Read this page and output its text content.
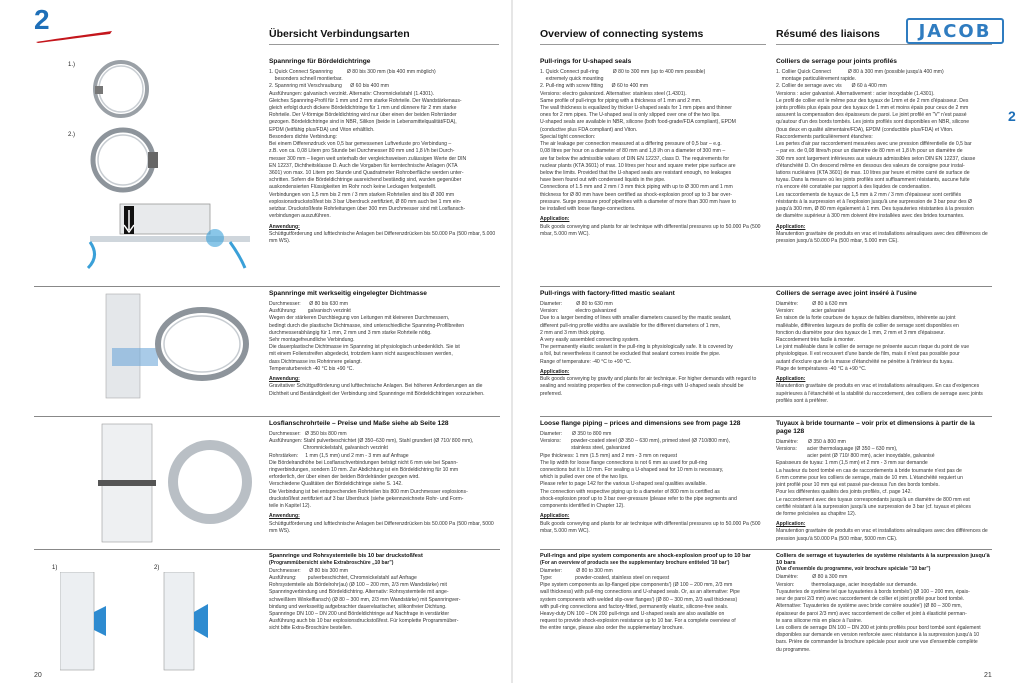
2	JACOB
2
Übersicht Verbindungsarten	Overview of connecting systems	Résumé des liaisons
1.)
2.)
1)	2)
Spannringe für Bördeldichtringe
1. Quick Connect Spannring          Ø 80 bis 300 mm (bis 400 mm möglich)
besonders schnell montierbar.
2. Spannring mit Verschraubung      Ø 60 bis 400 mm
Ausführungen: galvanisch verzinkt. Alternativ: Chromnickelstahl (1.4301).
Gleiches Spannring-Profil für 1 mm und 2 mm starke Rohrteile. Der Wandstärkenaus-
gleich erfolgt durch dickere Bördeldichtringe für 1 mm und dünnere für 2 mm starke
Rohrteile. Der V-förmige Bördeldichtring wird nur über einen der beiden Rohrränder
gezogen. Bördeldichtringe sind in NBR, Silikon (beide in Lebensmittelqualität/FDA),
EPDM (leitfähig plus/FDA) und Viton erhältlich.
Besonders dichte Verbindung:
Bei einem Differenzdruck von 0,5 bar gemessenen Luftverluste pro Verbindung –
z.B. von ca. 0,08 Litern pro Stunde bei Durchmesser 80 mm und 1,8 l/h bei Durch-
messer 300 mm – liegen weit unterhalb der vergleichsweisen zulässigen Werte der DIN
EN 12237, Dichtheitsklasse D. Auch die Vorgaben für kerntechnische Anlagen (KTA
3601) von max. 10 Litern pro Stunde und Quadratmeter Rohroberfläche werden unter-
schritten. Sofern die Bördeldichtringe ausreichend beständig sind, wurden gegenüber
auskondensierten Flüssigkeiten im Rohr noch keine Leckagen festgestellt.
Verbindungen von 1,5 mm bis 2 mm / 3 mm starken Rohrteilen sind bis Ø 300 mm
explosionsdruckstoßfest bis 3 bar Überdruck zertifiziert, Ø 80 mm auch bei 1 mm ein-
setzbar. Druckstoßfeste Rohrleitungen über 300 mm Durchmesser sind mit Losflansch-
verbindungen auszuführen.
Anwendung:
Schüttgutförderung und lufttechnische Anlagen bei Differenzdrücken bis 50.000 Pa (500 mbar, 5.000 mm WS).
Pull-rings for U-shaped seals
1. Quick Connect pull-ring          Ø 80 to 300 mm (up to 400 mm possible)
extremely quick mounting
2. Pull-ring with screw fitting      Ø 60 to 400 mm
Versions: electro galvanized. Alternative: stainless steel (1.4301).
Same profile of pull-rings for piping with a thickness of 1 mm and 2 mm.
The wall thickness is equalized by thicker U-shaped seals for 1 mm pipes and thinner
ones for 2 mm pipes. The U-shaped seal is only slipped over one of the two lips.
U-shaped seals are available in NBR, silicone (both food-grade/FDA compliant), EPDM
(conductive plus FDA compliant) and Viton.
Special tight connection:
The air leakage per connection measured at a differing pressure of 0,5 bar – e.g.
0,08 litres per hour on a diameter of 80 mm and 1,8 l/h on a diameter of 300 mm –
are far below the admissible values of DIN EN 12237, class D. The requirements for
nuclear plants (KTA 3601) of max. 10 litres per hour and square meter pipe surface are
below the limits. Provided that the U-shaped seals are resistant enough, no leakages
have been found out with condensed liquids in the pipe.
Connections of 1.5 mm and 2 mm / 3 mm thick piping with up to Ø 300 mm and 1 mm
thickness for Ø 80 mm have been certified as shock-explosion proof up to 3 bar over-
pressure. Surge pressure proof pipelines with a diameter of more than 300 mm have to
be installed with loose flange-connections.
Application:
Bulk goods conveying and plants for air technique with differential pressures up to 50.000 Pa (500 mbar, 5.000 mm WC).
Colliers de serrage pour joints profilés
1. Collier Quick Connect            Ø 80 à 300 mm (possible jusqu'à 400 mm)
montage particulièrement rapide.
2. Collier de serrage avec vis       Ø 60 à 400 mm
Versions : acier galvanisé. Alternativement : acier inoxydable (1.4301).
Le profil de collier est le même pour des tuyaux de 1mm et de 2 mm d'épaisseur. Des
joints profilés plus épais pour des tuyaux de 1 mm et moins épais pour ceux de 2 mm
assurent la compensation des épaisseurs de paroi. Le joint profilé en "V" n'est passé
qu'autour d'un des bords tombés. Les joints profilés sont disponibles en NBR, silicone
(tous deux en qualité alimentaire/FDA), EPDM (conductible plus/FDA) et Viton.
Raccordements particulièrement étanches:
Les pertes d'air par raccordement mesurées avec une pression différentielle de 0,5 bar
– par ex. de 0,08 litres/h pour un diamètre de 80 mm et 1,8 l/h pour un diamètre de
300 mm sont largement inférieures aux valeurs admissibles selon DIN EN 12237, classe
d'étanchéité D. On descend même en dessous des valeurs de consigne pour instal-
lations nucléaires (KTA 3601) de max. 10 litres par heure et mètre carré de surface de
tuyau. Dans la mesure où les joints profilés sont suffisamment résistants, aucune fuite
n'a encore été constatée par rapport à des liquides de condensation.
Les raccordements de tuyaux de 1,5 mm à 2 mm / 3 mm d'épaisseur sont certifiés
résistants à la surpression et à l'explosion jusqu'à une surpression de 3 bar pour des Ø
jusqu'à 300 mm, Ø 80 mm également à 1 mm. Des tuyauteries résistantes à la pression
de diamètre supérieur à 300 mm doivent être installées avec des brides tournantes.
Application:
Manutention gravitaire de produits en vrac et installations aérauliques avec des différences de pression jusqu'à 50.000 Pa (500 mbar, 5.000 mm CE).
Spannringe mit werkseitig eingelegter Dichtmasse
Durchmesser:      Ø 80 bis 630 mm
Ausführung:        galvanisch verzinkt
Wegen der stärkeren Durchbiegung von Leitungen mit kleineren Durchmessern,
bedingt durch die plastische Dichtmasse, sind unterschiedliche Spannring-Profilbreiten
durchmesserabhängig für 1 mm, 2 mm und 3 mm starke Rohrteile nötig.
Sehr montagefreundliche Verbindung.
Die dauerplastische Dichtmasse im Spannring ist physiologisch unbedenklich. Sie ist
mit einem Folienstreifen abgedeckt, trotzdem kann nicht ausgeschlossen werden,
dass Dichtmasse ins Rohrinnere gelangt.
Temperaturbereich -40 °C bis +90 °C.
Anwendung:
Gravitativer Schüttgutförderung und lufttechnische Anlagen. Bei höheren Anforderungen an die Dichtheit und Beständigkeit der Verbindung sind Spannringe mit Bördeldichtringen vorzuziehen.
Pull-rings with factory-fitted mastic sealant
Diameter:          Ø 80 to 630 mm
Version:            electro galvanized
Due to a larger bending of lines with smaller diameters caused by the mastic sealant,
different pull-ring profile widths are available for the different diameters of 1 mm,
2 mm and 3 mm thick piping.
A very easily assembled connecting system.
The permanently elastic sealant in the pull-ring is physiologically safe. It is covered by
a foil, but nevertheless it cannot be excluded that sealant comes inside the pipe.
Range of temperature: -40 °C to +90 °C.
Application:
Bulk goods conveying by gravity and plants for air technique. For higher demands with regard to sealing and resisting properties of the connection pull-rings with U-shaped seals should be preferred.
Colliers de serrage avec joint inséré à l'usine
Diamètre:          Ø 80 à 630 mm
Version:            acier galvanisé
En raison de la forte courbure de tuyaux de faibles diamètres, inhérente au joint
malléable, différentes largeurs de profils de collier de serrage sont disponibles en
fonction du diamètre pour des tuyaux de 1 mm, 2 mm et 3 mm d'épaisseur.
Raccordement très facile à monter.
Le joint malléable dans le collier de serrage ne présente aucun risque du point de vue
physiologique. Il est recouvert d'une bande de film, mais il n'est pas possible pour
autant d'exclure que de la masse d'étanchéité ne pénètre à l'intérieur du tuyau.
Plage de températures -40 °C à +90 °C.
Application:
Manutention gravitaire de produits en vrac et installations aérauliques. En cas d'exigences supérieures à l'étanchéité et la stabilité du raccordement, des colliers de serrage avec joints profilés sont à préférer.
Losflanschrohrteile – Preise und Maße siehe ab Seite 128
Durchmesser:   Ø 350 bis 800 mm
Ausführungen: Stahl pulverbeschichtet (Ø 350–630 mm), Stahl grundiert (Ø 710/ 800 mm),
Chromnickelstahl, galvanisch verzinkt
Rohrstärken:     1 mm (1,5 mm) und 2 mm - 3 mm auf Anfrage
Die Bördelrandhöhe bei Losflanschverbindungen beträgt nicht 6 mm wie bei Spann-
ringverbindungen, sondern 10 mm. Zur Abdichtung ist ein Bördeldichtring für 10 mm
erforderlich, der über einen der beiden Bördelränder gezogen wird.
Verschiedene Qualitäten der Bördeldichtringe siehe S. 142.
Die Verbindung ist bei entsprechenden Rohrteilen bis 800 mm Durchmesser explosions-
druckstoßfest zertifiziert auf 3 bar Überdruck (siehe gekennzeichnete Rohr- und Form-
teile in Kapitel 12).
Anwendung:
Schüttgutförderung und lufttechnische Anlagen bei Differenzdrücken bis 50.000 Pa (500 mbar, 5000 mm WS).
Loose flange piping – prices and dimensions see from page 128
Diameter:       Ø 350 to 800 mm
Versions:       powder-coated steel (Ø 350 – 630 mm), primed steel (Ø 710/800 mm),
stainless steel, galvanized
Pipe thickness: 1 mm (1.5 mm) and 2 mm - 3 mm on request
The lip width for loose flange connections is not 6 mm as used for pull-ring
connections but it is 10 mm. For sealing a U-shaped seal for 10 mm is necessary,
which is pulled over one of the two lips.
Please refer to page 142 for the various U-shaped seal qualities available.
The connection with respective piping up to a diameter of 800 mm is certified as
shock-explosion proof up to 3 bar over-pressure (please refer to the pipe segments and
components identified in Chapter 12).
Application:
Bulk goods conveying and plants for air technique with differential pressures up to 50.000 Pa (500 mbar, 5.000 mm WC).
Tuyaux à bride tournante – voir prix et dimensions à partir de la page 128
Diamètre:       Ø 350 à 800 mm
Versions:       acier thermolaquage (Ø 350 – 630 mm),
acier peint (Ø 710/ 800 mm), acier inoxydable, galvanisé
Epaisseurs de tuyau: 1 mm (1,5 mm) et 2 mm - 3 mm sur demande
La hauteur du bord tombé en cas de raccordements à bride tournante n'est pas de
6 mm comme pour les colliers de serrage, mais de 10 mm. L'étanchéité requiert un
joint profilé pour 10 mm qui est passé par-dessus l'un des bords tombés.
Pour les différentes qualités des joints profilés, cf. page 142.
Le raccordement avec des tuyaux correspondants jusqu'à un diamètre de 800 mm est
certifié résistant à la surpression jusqu'à une surpression de 3 bar (cf. tuyaux et pièces
de forme précisées au chapitre 12).
Application:
Manutention gravitaire de produits en vrac et installations aérauliques avec des différences de pression jusqu'à 50.000 Pa (500 mbar, 5000 mm CE).
Spannringe und Rohrsystemteile bis 10 bar druckstoßfest
(Programmübersicht siehe Extrabroschüre „10 bar")
Durchmesser:      Ø 80 bis 300 mm
Ausführung:        pulverbeschichtet, Chromnickelstahl auf Anfrage
Rohrsystemteile als Bördelrohr(au) (Ø 100 – 200 mm, 2/3 mm Wandstärke) mit
Spannringverbindung und Bördeldichtring. Alternativ: Rohrsystemteile mit ange-
schweißtem Winkelflansch) (Ø 80 – 300 mm, 2/3 mm Wandstärke) mit Spannringver-
bindung und werksseitig aufgebrachter dauerelastischer, silikonfreier Dichtung.
Spannringe DN 100 – DN 200 und Bördeldichtringe auf Nachfrage in verstärkter
Ausführung auch bis 10 bar explosionsdruckstoßfest. Für komplette Programmüber-
sicht bitte Extra-Broschüre bestellen.
Pull-rings and pipe system components are shock-explosion proof up to 10 bar
(For an overview of products see the supplementary brochure entiteled '10 bar')
Diameter:          Ø 80 to 300 mm
Type:                powder-coated, stainless steel on request
Pipe system components as lip-flanged pipe components') (Ø 100 – 200 mm, 2/3 mm
wall thickness) with pull-ring connections and U-shaped seals. Or, as an alternative: Pipe
system components with welded slip-over flanges') (Ø 80 – 300 mm, 2/3 wall thickness)
with pull-ring connections and factory-fitted, permanently elastic, silicone-free seals.
Heavy-duty DN 100 – DN 200 pull-rings and U-shaped seals are also available on
request to provide shock-explosion resistance up to 10 bar. For a complete overview of
the entire range, please also order the supplementary brochure.
Colliers de serrage et tuyauteries de système résistants à la surpression jusqu'à 10 bars
(Vue d'ensemble du programme, voir brochure spéciale "10 bar")
Diamètre:          Ø 80 à 300 mm
Version:            thermolaquage, acier inoxydable sur demande.
Tuyauteries de système tel que tuyauteries à bords tombés') (Ø 100 – 200 mm, épais-
seur de paroi 2/3 mm) avec raccordement de collier et joint profilé pour bord tombé.
Alternative: Tuyauteries de système avec bride cornière soudée') (Ø 80 – 300 mm,
épaisseur de paroi 2/3 mm) avec raccordement de collier et joint à élasticité perman-
te sans silicone mis en place à l'usine.
Les colliers de serrage DN 100 – DN 200 et joints profilés pour bord tombé sont également
disponibles sur demande en version renforcée avec résistance à la surpression jusqu'à 10
bars. Prière de commander la brochure spéciale pour avoir une vue d'ensemble complète
du programme.
20	21
